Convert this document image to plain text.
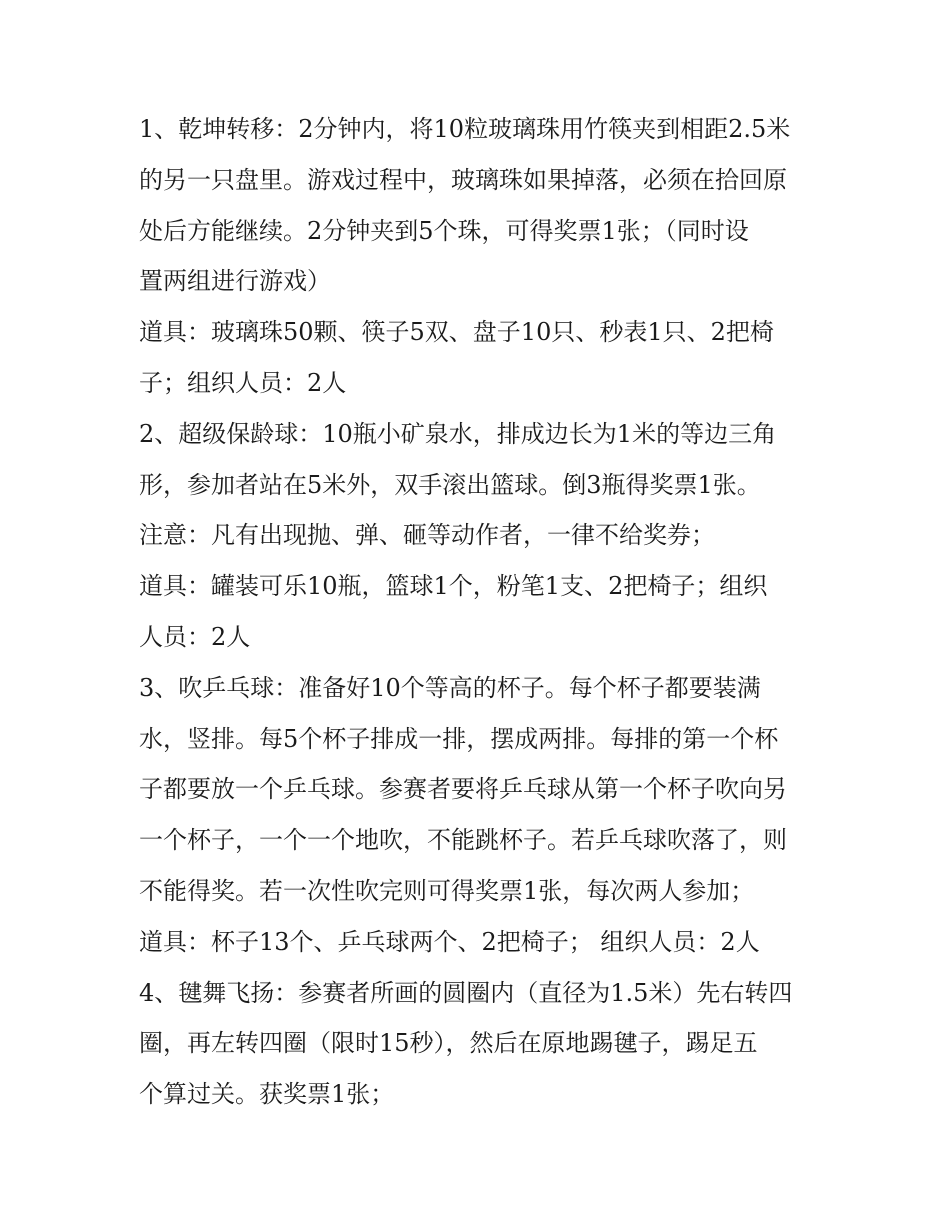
1、乾坤转移：2分钟内，将10粒玻璃珠用竹筷夹到相距2.5米
的另一只盘里。游戏过程中，玻璃珠如果掉落，必须在拾回原
处后方能继续。2分钟夹到5个珠，可得奖票1张；（同时设
置两组进行游戏）
道具：玻璃珠50颗、筷子5双、盘子10只、秒表1只、2把椅
子；组织人员：2人
2、超级保龄球：10瓶小矿泉水，排成边长为1米的等边三角
形，参加者站在5米外，双手滚出篮球。倒3瓶得奖票1张。
注意：凡有出现抛、弹、砸等动作者，一律不给奖券；
道具：罐装可乐10瓶，篮球1个，粉笔1支、2把椅子；组织
人员：2人
3、吹乒乓球：准备好10个等高的杯子。每个杯子都要装满
水，竖排。每5个杯子排成一排，摆成两排。每排的第一个杯
子都要放一个乒乓球。参赛者要将乒乓球从第一个杯子吹向另
一个杯子，一个一个地吹，不能跳杯子。若乒乓球吹落了，则
不能得奖。若一次性吹完则可得奖票1张，每次两人参加；
道具：杯子13个、乒乓球两个、2把椅子； 组织人员：2人
4、毽舞飞扬：参赛者所画的圆圈内（直径为1.5米）先右转四
圈，再左转四圈（限时15秒），然后在原地踢毽子，踢足五
个算过关。获奖票1张；
